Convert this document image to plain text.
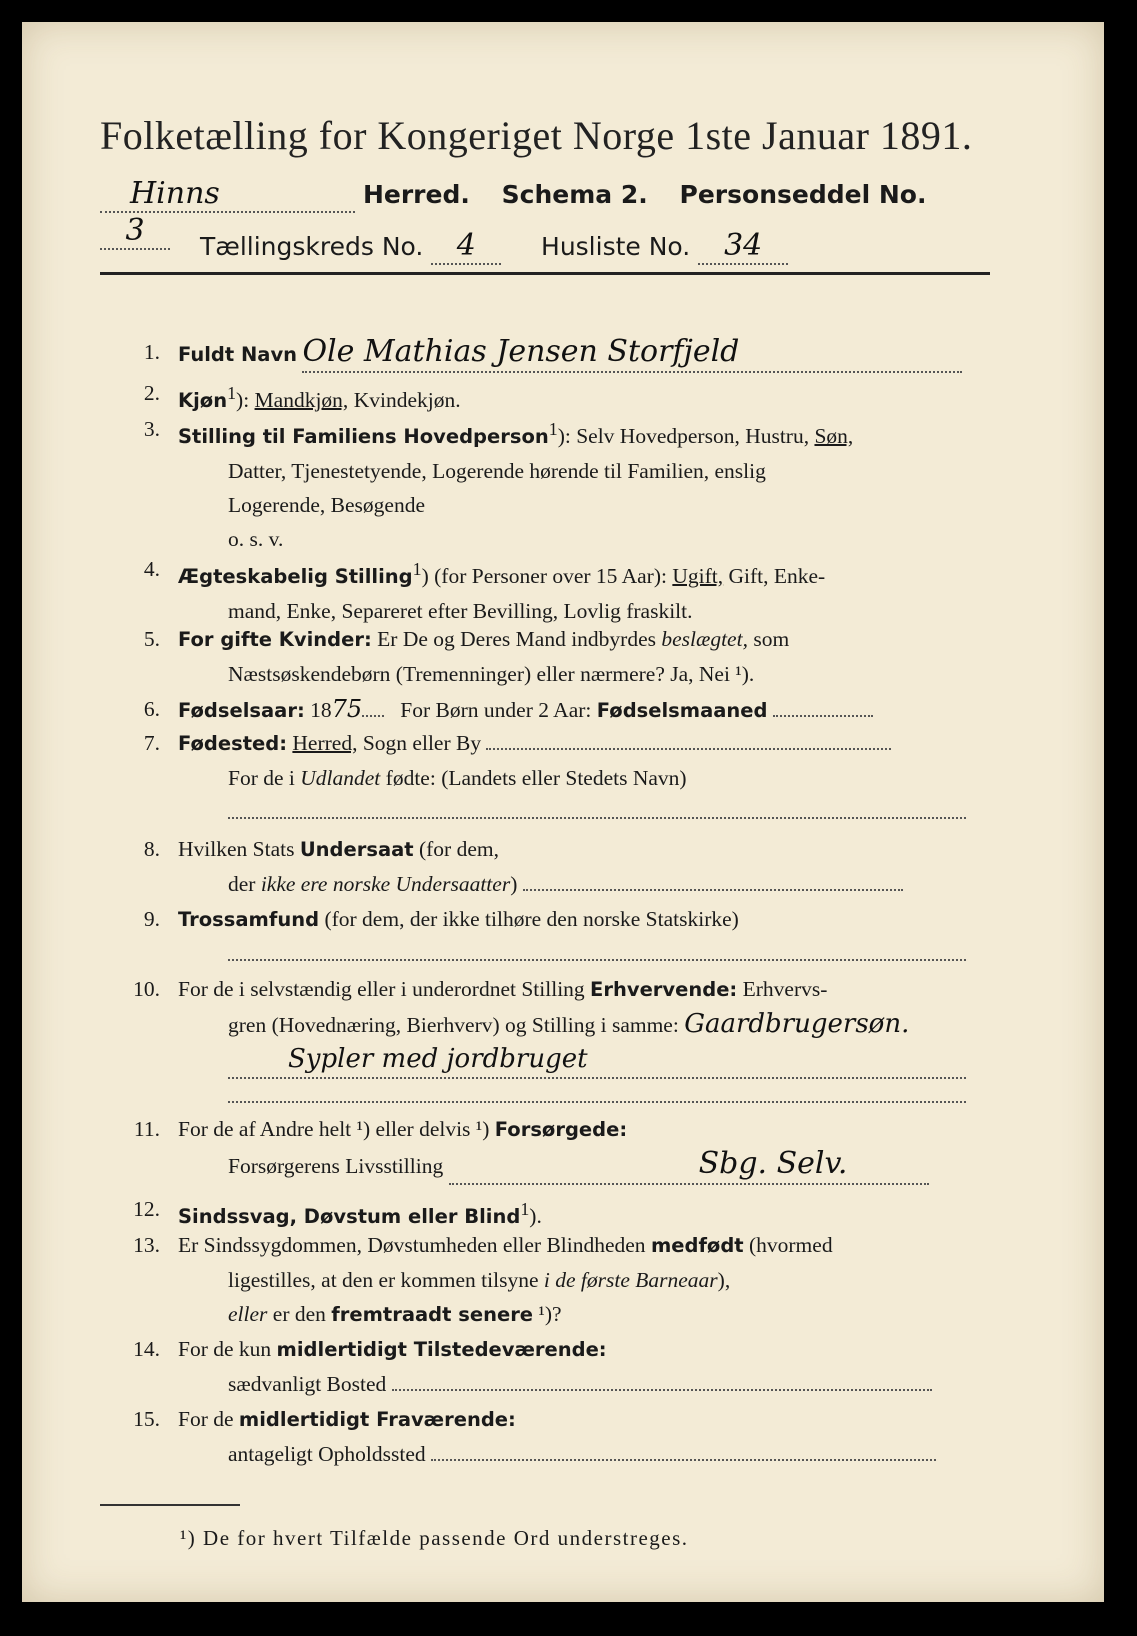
Folketælling for Kongeriget Norge 1ste Januar 1891.
Hinns	Herred. Schema 2. Personseddel No. 3	Tællingskreds No. 4	Husliste No. 34
1. Fuldt Navn Ole Mathias Jensen Storfjeld
2. Kjøn$^1$): Mandkjøn, Kvindekjøn.
3. Stilling til Familiens Hovedperson$^1$): Selv Hovedperson, Hustru, Søn,
Datter, Tjenestetyende, Logerende hørende til Familien, enslig
Logerende, Besøgende
o. s. v.
4. Ægteskabelig Stilling$^1$) (for Personer over 15 Aar): Ugift, Gift, Enke-
mand, Enke, Separeret efter Bevilling, Lovlig fraskilt.
5. For gifte Kvinder: Er De og Deres Mand indbyrdes beslægtet, som
Næstsøskendebørn (Tremenninger) eller nærmere? Ja, Nei ¹).
6. Fødselsaar: 1875 For Børn under 2 Aar: Fødselsmaaned
7. Fødested: Herred, Sogn eller By
For de i Udlandet fødte: (Landets eller Stedets Navn)
8. Hvilken Stats Undersaat (for dem,
der ikke ere norske Undersaatter)
9. Trossamfund (for dem, der ikke tilhøre den norske Statskirke)
10. For de i selvstændig eller i underordnet Stilling Erhvervende: Erhvervs-
gren (Hovednæring, Bierhverv) og Stilling i samme: Gaardbrugersøn.
Sypler med jordbruget
11. For de af Andre helt ¹) eller delvis ¹) Forsørgede:
Forsørgerens Livsstilling	Sbg. Selv.
12. Sindssvag, Døvstum eller Blind$^1$).
13. Er Sindssygdommen, Døvstumheden eller Blindheden medfødt (hvormed
ligestilles, at den er kommen tilsyne i de første Barneaar),
eller er den fremtraadt senere ¹)?
14. For de kun midlertidigt Tilstedeværende:
sædvanligt Bosted
15. For de midlertidigt Fraværende:
antageligt Opholdssted
¹) De for hvert Tilfælde passende Ord understreges.
